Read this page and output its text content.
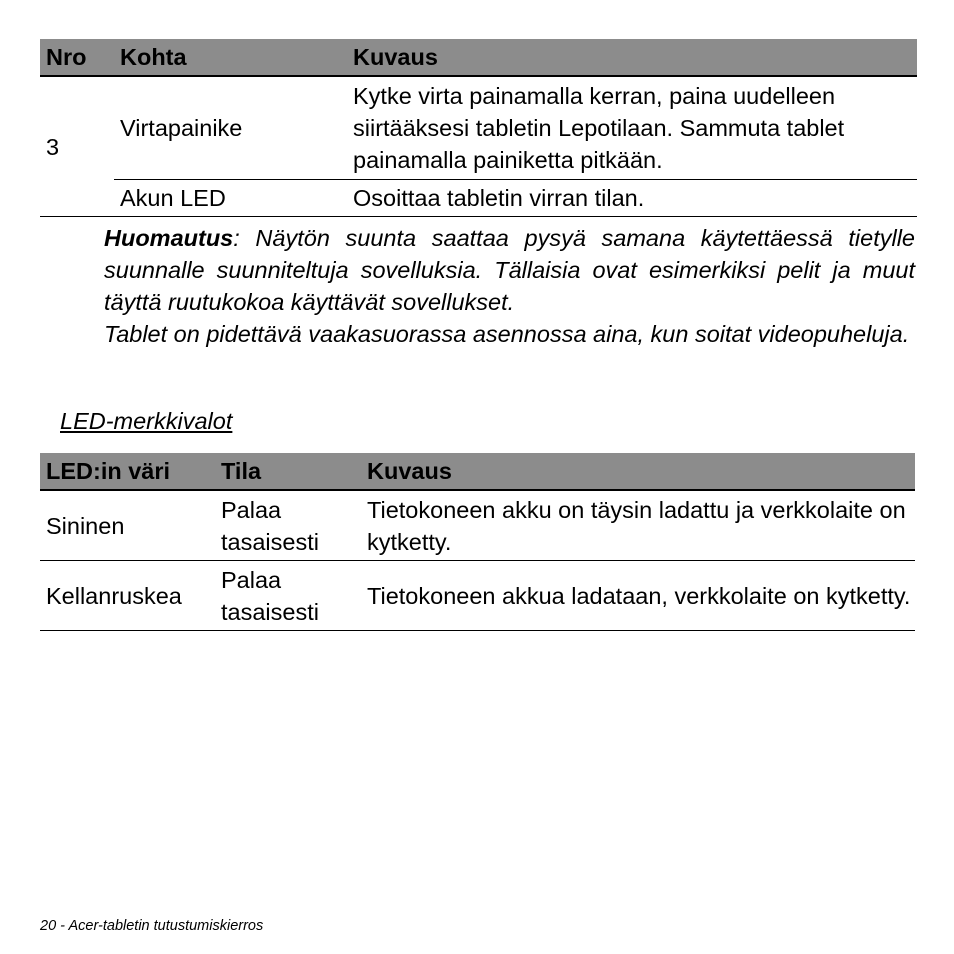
Nro	Kohta	Kuvaus
3	Virtapainike	Kytke virta painamalla kerran, paina uudelleen siirtääksesi tabletin Lepotilaan. Sammuta tablet painamalla painiketta pitkään.
	Akun LED	Osoittaa tabletin virran tilan.

Huomautus: Näytön suunta saattaa pysyä samana käytettäessä tietylle suunnalle suunniteltuja sovelluksia. Tällaisia ovat esimerkiksi pelit ja muut täyttä ruutukokoa käyttävät sovellukset.

Tablet on pidettävä vaakasuorassa asennossa aina, kun soitat videopuheluja.

LED-merkkivalot
LED:in väri	Tila	Kuvaus
Sininen	Palaa tasaisesti	Tietokoneen akku on täysin ladattu ja verkkolaite on kytketty.
Kellanruskea	Palaa tasaisesti	Tietokoneen akkua ladataan, verkkolaite on kytketty.
20 - Acer-tabletin tutustumiskierros
